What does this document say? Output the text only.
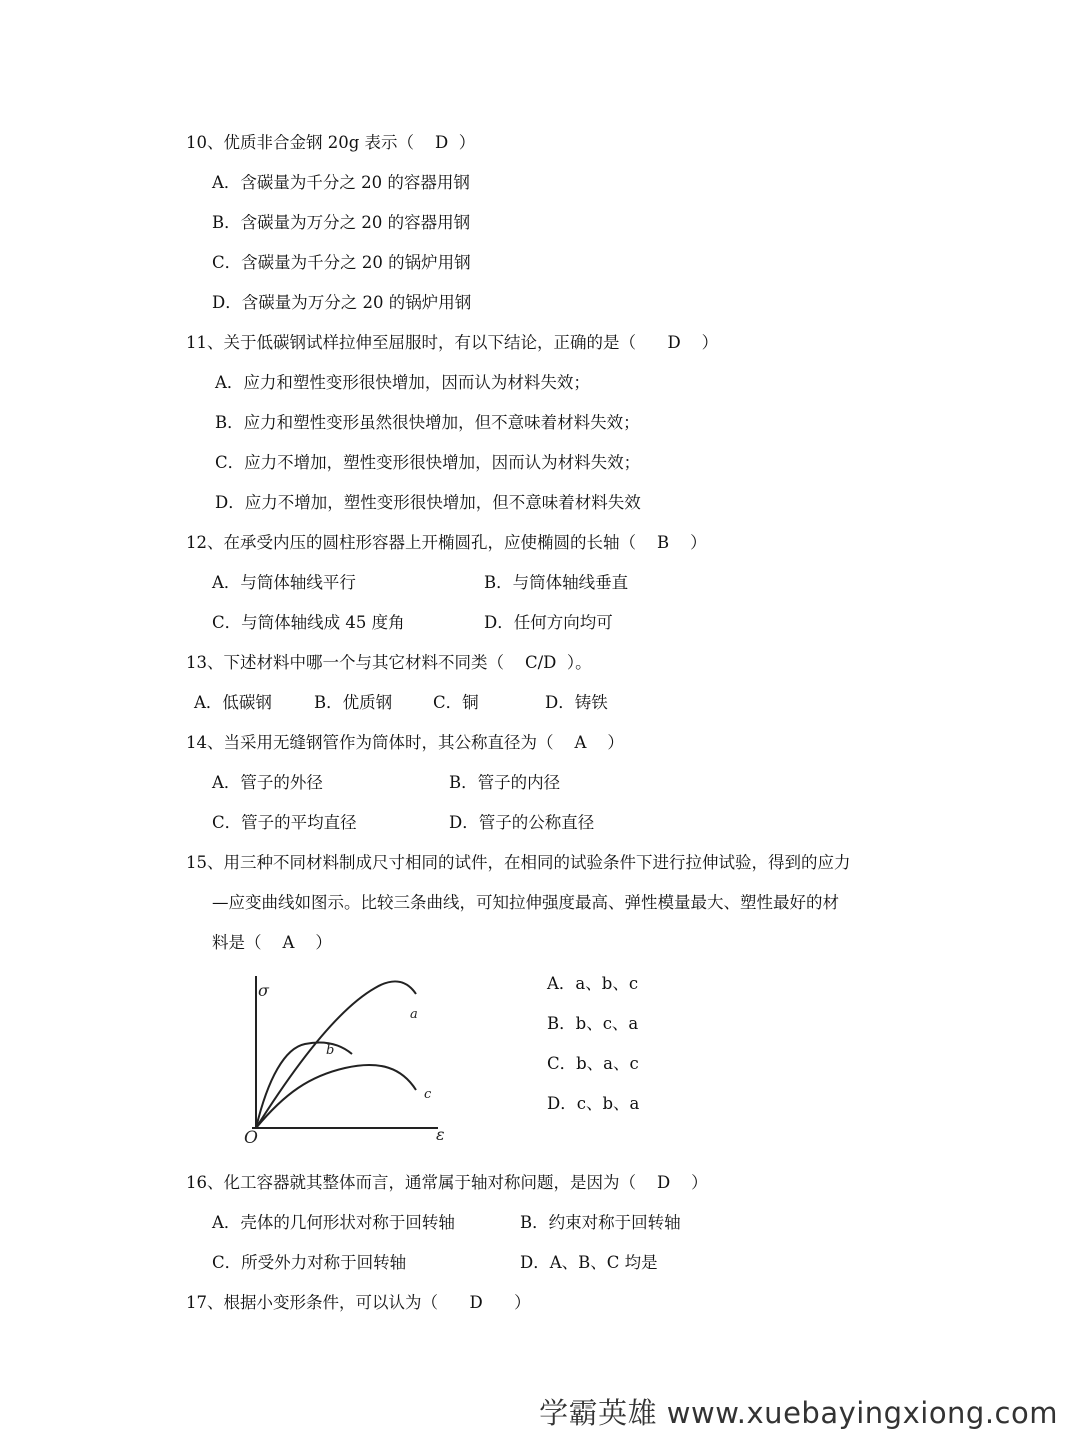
10、优质非合金钢 20g 表示（    D  ）
A．含碳量为千分之 20 的容器用钢
B．含碳量为万分之 20 的容器用钢
C．含碳量为千分之 20 的锅炉用钢
D．含碳量为万分之 20 的锅炉用钢
11、关于低碳钢试样拉伸至屈服时，有以下结论，正确的是（      D    ）
A．应力和塑性变形很快增加，因而认为材料失效；
B．应力和塑性变形虽然很快增加，但不意味着材料失效；
C．应力不增加，塑性变形很快增加，因而认为材料失效；
D．应力不增加，塑性变形很快增加，但不意味着材料失效
12、在承受内压的圆柱形容器上开椭圆孔，应使椭圆的长轴（    B    ）
A．与筒体轴线平行	B．与筒体轴线垂直
C．与筒体轴线成 45 度角	D．任何方向均可
13、下述材料中哪一个与其它材料不同类（    C/D  ）。
A．低碳钢	B．优质钢 C．铜	D．铸铁
14、当采用无缝钢管作为筒体时，其公称直径为（    A    ）
A．管子的外径	B．管子的内径
C．管子的平均直径	D．管子的公称直径
15、用三种不同材料制成尺寸相同的试件，在相同的试验条件下进行拉伸试验，得到的应力
—应变曲线如图示。比较三条曲线，可知拉伸强度最高、弹性模量最大、塑性最好的材
料是（    A    ）
σ
ε
O
a
b
c
A．a、b、c
B．b、c、a
C．b、a、c
D．c、b、a
16、化工容器就其整体而言，通常属于轴对称问题，是因为（    D    ）
A．壳体的几何形状对称于回转轴	B．约束对称于回转轴
C．所受外力对称于回转轴	D．A、B、C 均是
17、根据小变形条件，可以认为（      D      ）
学霸英雄 www.xuebayingxiong.com
